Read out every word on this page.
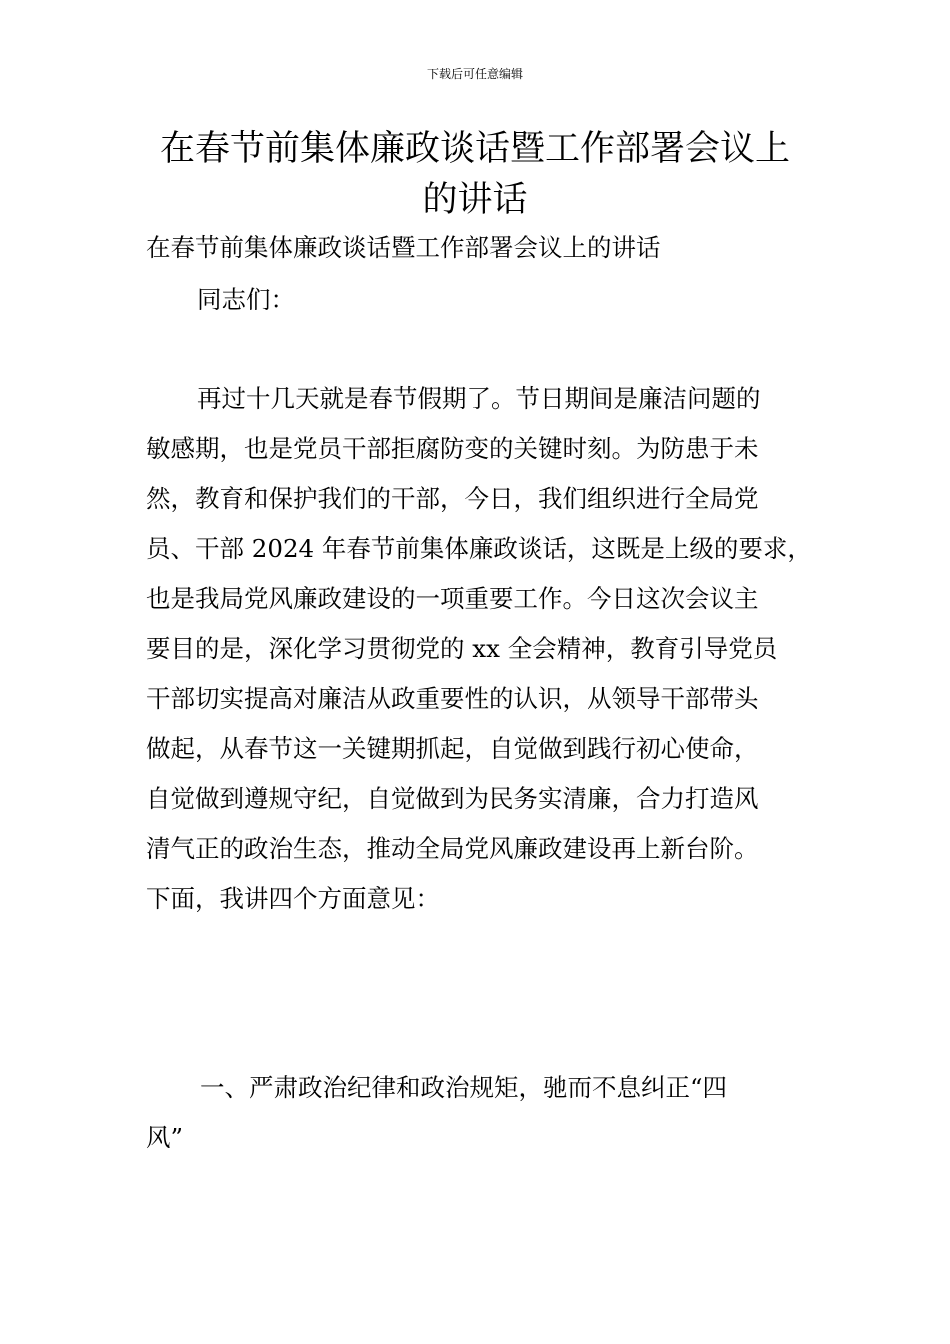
下载后可任意编辑
在春节前集体廉政谈话暨工作部署会议上
的讲话
在春节前集体廉政谈话暨工作部署会议上的讲话
同志们：
再过十几天就是春节假期了。节日期间是廉洁问题的
敏感期，也是党员干部拒腐防变的关键时刻。为防患于未
然，教育和保护我们的干部，今日，我们组织进行全局党
员、干部 2024 年春节前集体廉政谈话，这既是上级的要求，
也是我局党风廉政建设的一项重要工作。今日这次会议主
要目的是，深化学习贯彻党的 xx 全会精神，教育引导党员
干部切实提高对廉洁从政重要性的认识，从领导干部带头
做起，从春节这一关键期抓起，自觉做到践行初心使命，
自觉做到遵规守纪，自觉做到为民务实清廉，合力打造风
清气正的政治生态，推动全局党风廉政建设再上新台阶。
下面，我讲四个方面意见：
一、严肃政治纪律和政治规矩，驰而不息纠正“四
风”
